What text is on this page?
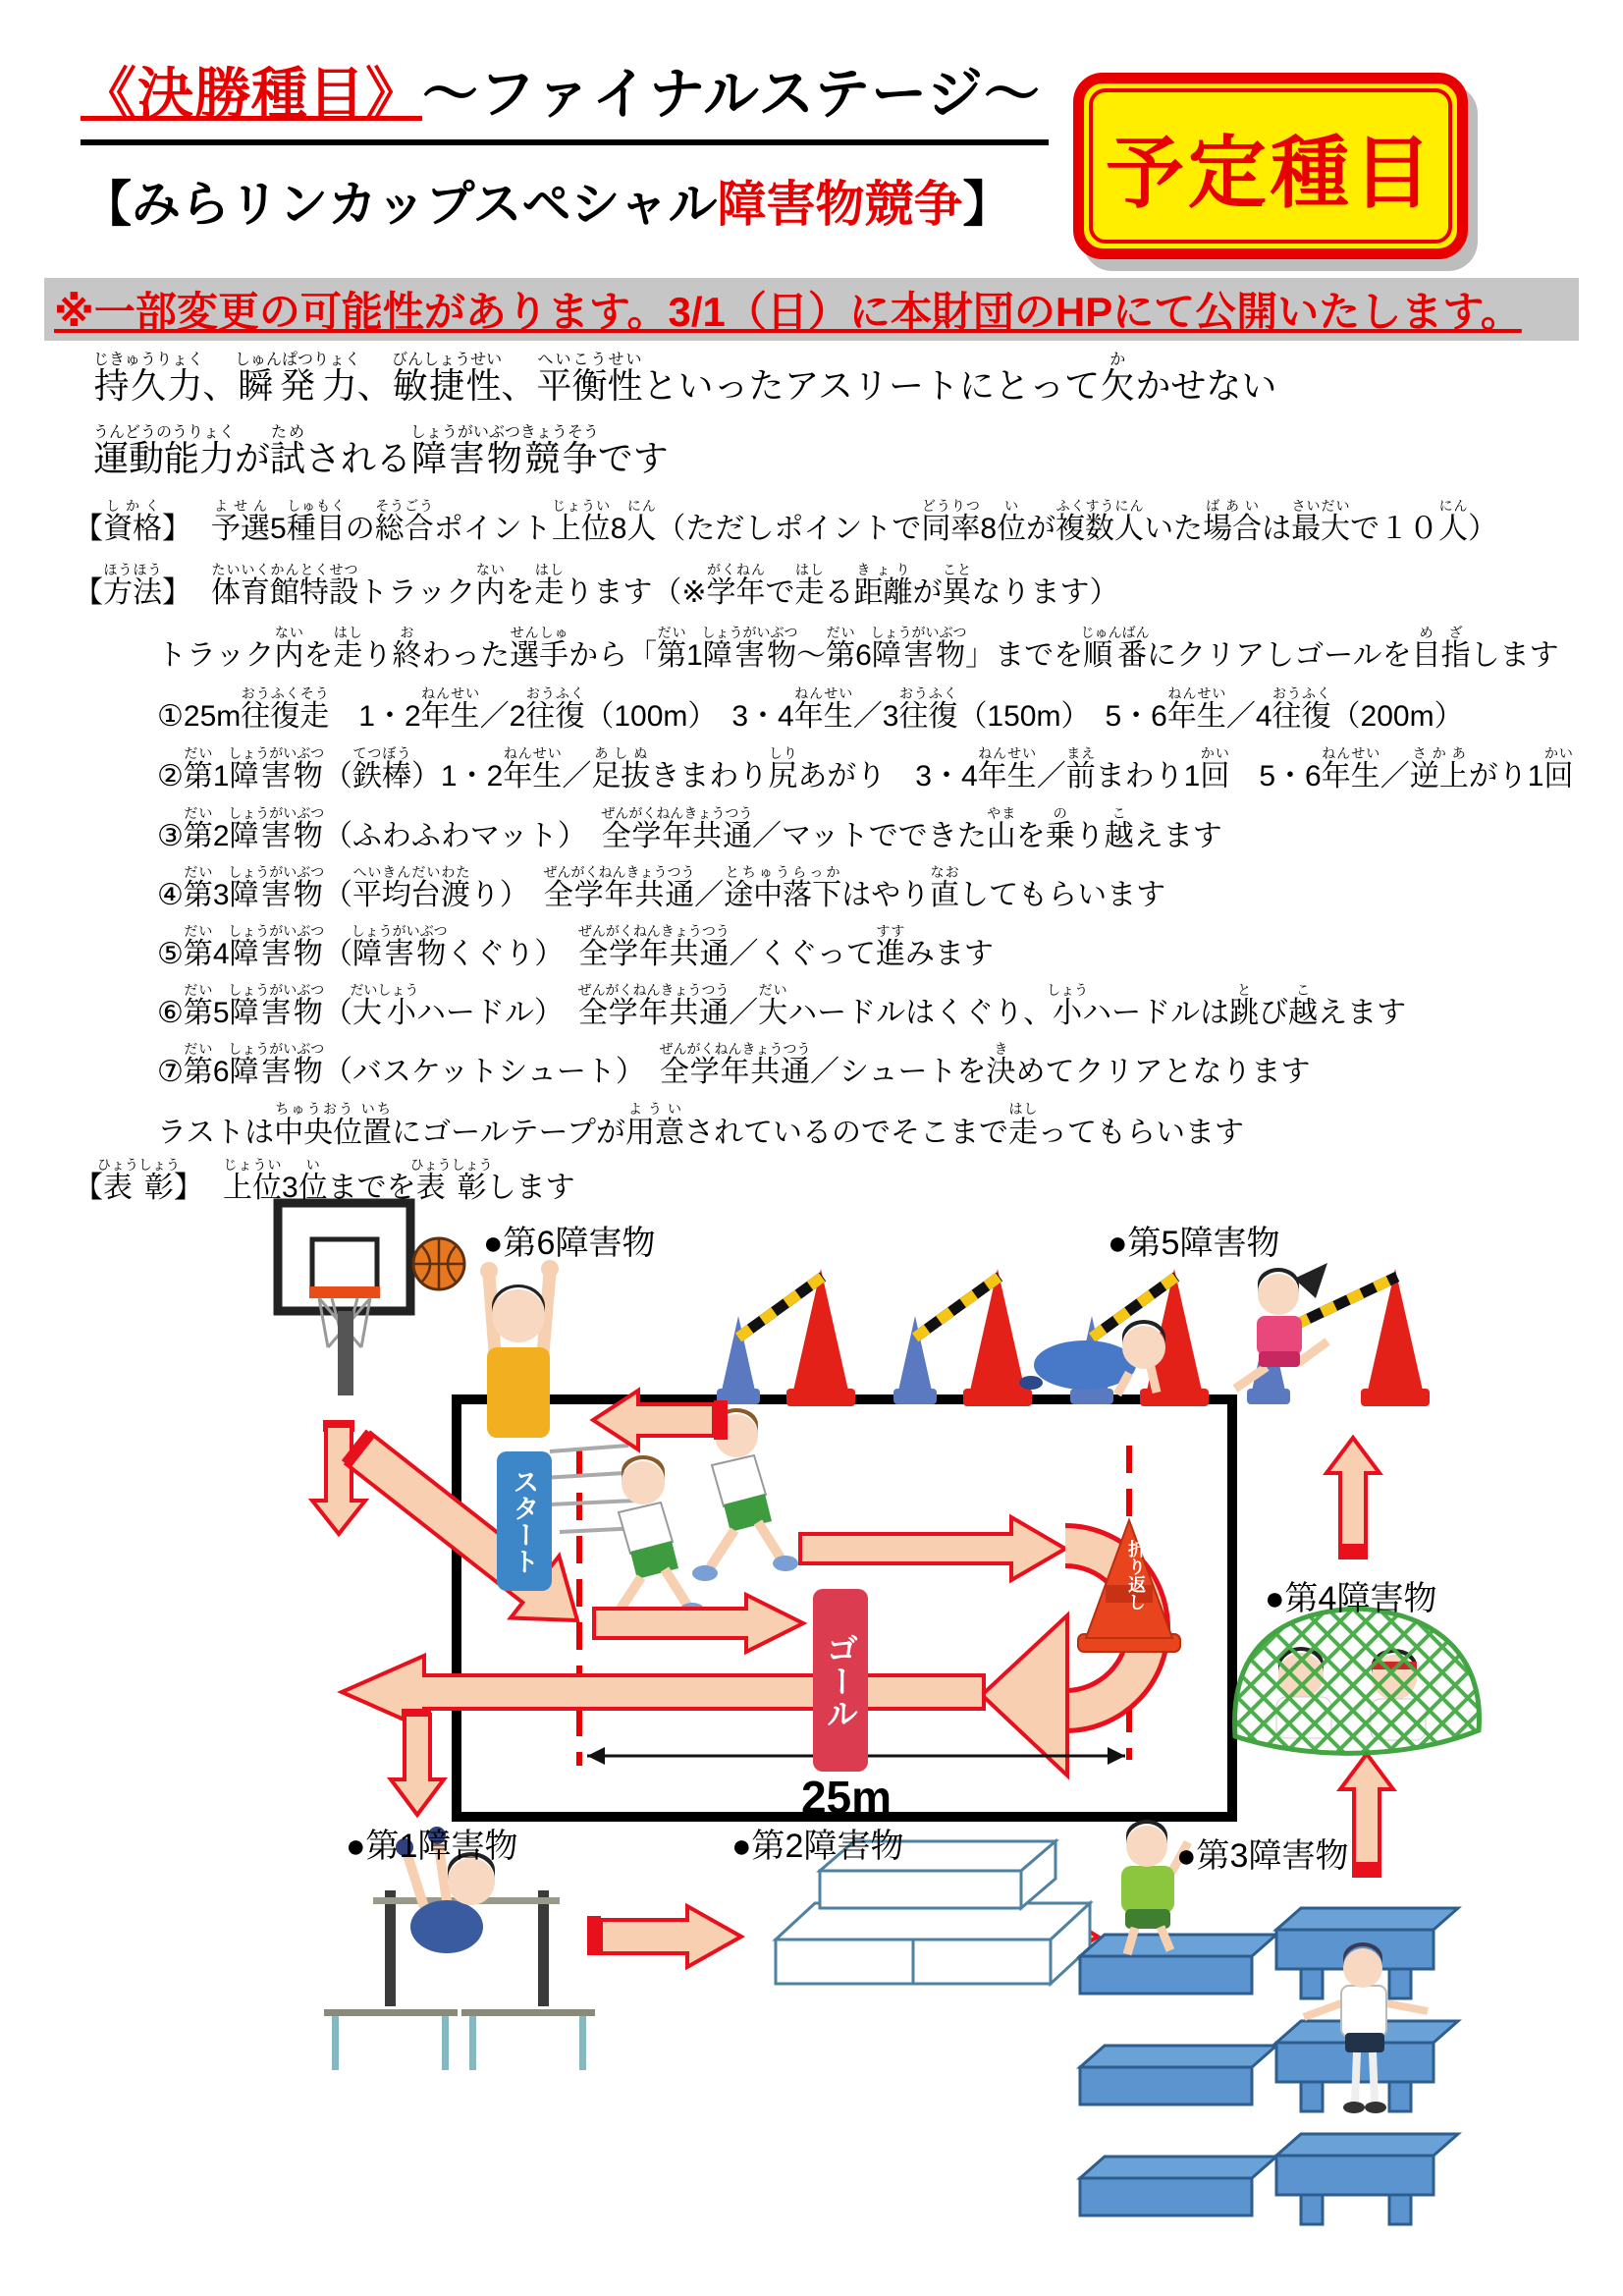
《決勝種目》～ファイナルステージ～
【みらリンカップスペシャル障害物競争】	予定種目
※一部変更の可能性があります。3/1（日）に本財団のHPにて公開いたします。
持久力じきゅうりょく、瞬発力しゅんぱつりょく、敏捷性びんしょうせい、平衡性へいこうせいといったアスリートにとって欠かかせない
運動能力うんどうのうりょくが試ためされる障害物競争しょうがいぶつきょうそうです
【資格しかく】 予選よせん5種目しゅもくの総合そうごうポイント上位じょうい8人にん（ただしポイントで同率どうりつ8位いが複数人ふくすうにんいた場合ばあいは最大さいだいで１０人にん）
【方法ほうほう】 体育館たいいくかん特設とくせつトラック内ないを走はしります（※学年がくねんで走はしる距離きょりが異ことなります）
トラック内ないを走はしり終おわった選手せんしゅから「第だい1障害物しょうがいぶつ～第だい6障害物しょうがいぶつ」までを順番じゅんばんにクリアしゴールを目指めざします
①25m往復走おうふくそう　1・2年生ねんせい／2往復おうふく（100m）　3・4年生ねんせい／3往復おうふく（150m）　5・6年生ねんせい／4往復おうふく（200m）
②第だい1障害物しょうがいぶつ（鉄棒てつぼう）1・2年生ねんせい／足抜あしぬきまわり尻しりあがり　3・4年生ねんせい／前まえまわり1回かい　5・6年生ねんせい／逆上さかあがり1回かい
③第だい2障害物しょうがいぶつ（ふわふわマット）　全学年共通ぜんがくねんきょうつう／マットでできた山やまを乗のり越こえます
④第だい3障害物しょうがいぶつ（平均台渡へいきんだいわたり）　全学年共通ぜんがくねんきょうつう／途中落下とちゅうらっかはやり直なおしてもらいます
⑤第だい4障害物しょうがいぶつ（障害物しょうがいぶつくぐり）　全学年共通ぜんがくねんきょうつう／くぐって進すすみます
⑥第だい5障害物しょうがいぶつ（大小だいしょうハードル）　全学年共通ぜんがくねんきょうつう／大だいハードルはくぐり、小しょうハードルは跳とび越こえます
⑦第だい6障害物しょうがいぶつ（バスケットシュート）　全学年共通ぜんがくねんきょうつう／シュートを決きめてクリアとなります
ラストは中央位置ちゅうおう いちにゴールテープが用意よういされているのでそこまで走はしってもらいます
【表彰ひょうしょう】 上位じょうい3位いまでを表彰ひょうしょうします
25m
スタート
ゴール
折り返し
●第6障害物	●第5障害物
●第4障害物
●第3障害物
●第2障害物
●第1障害物
